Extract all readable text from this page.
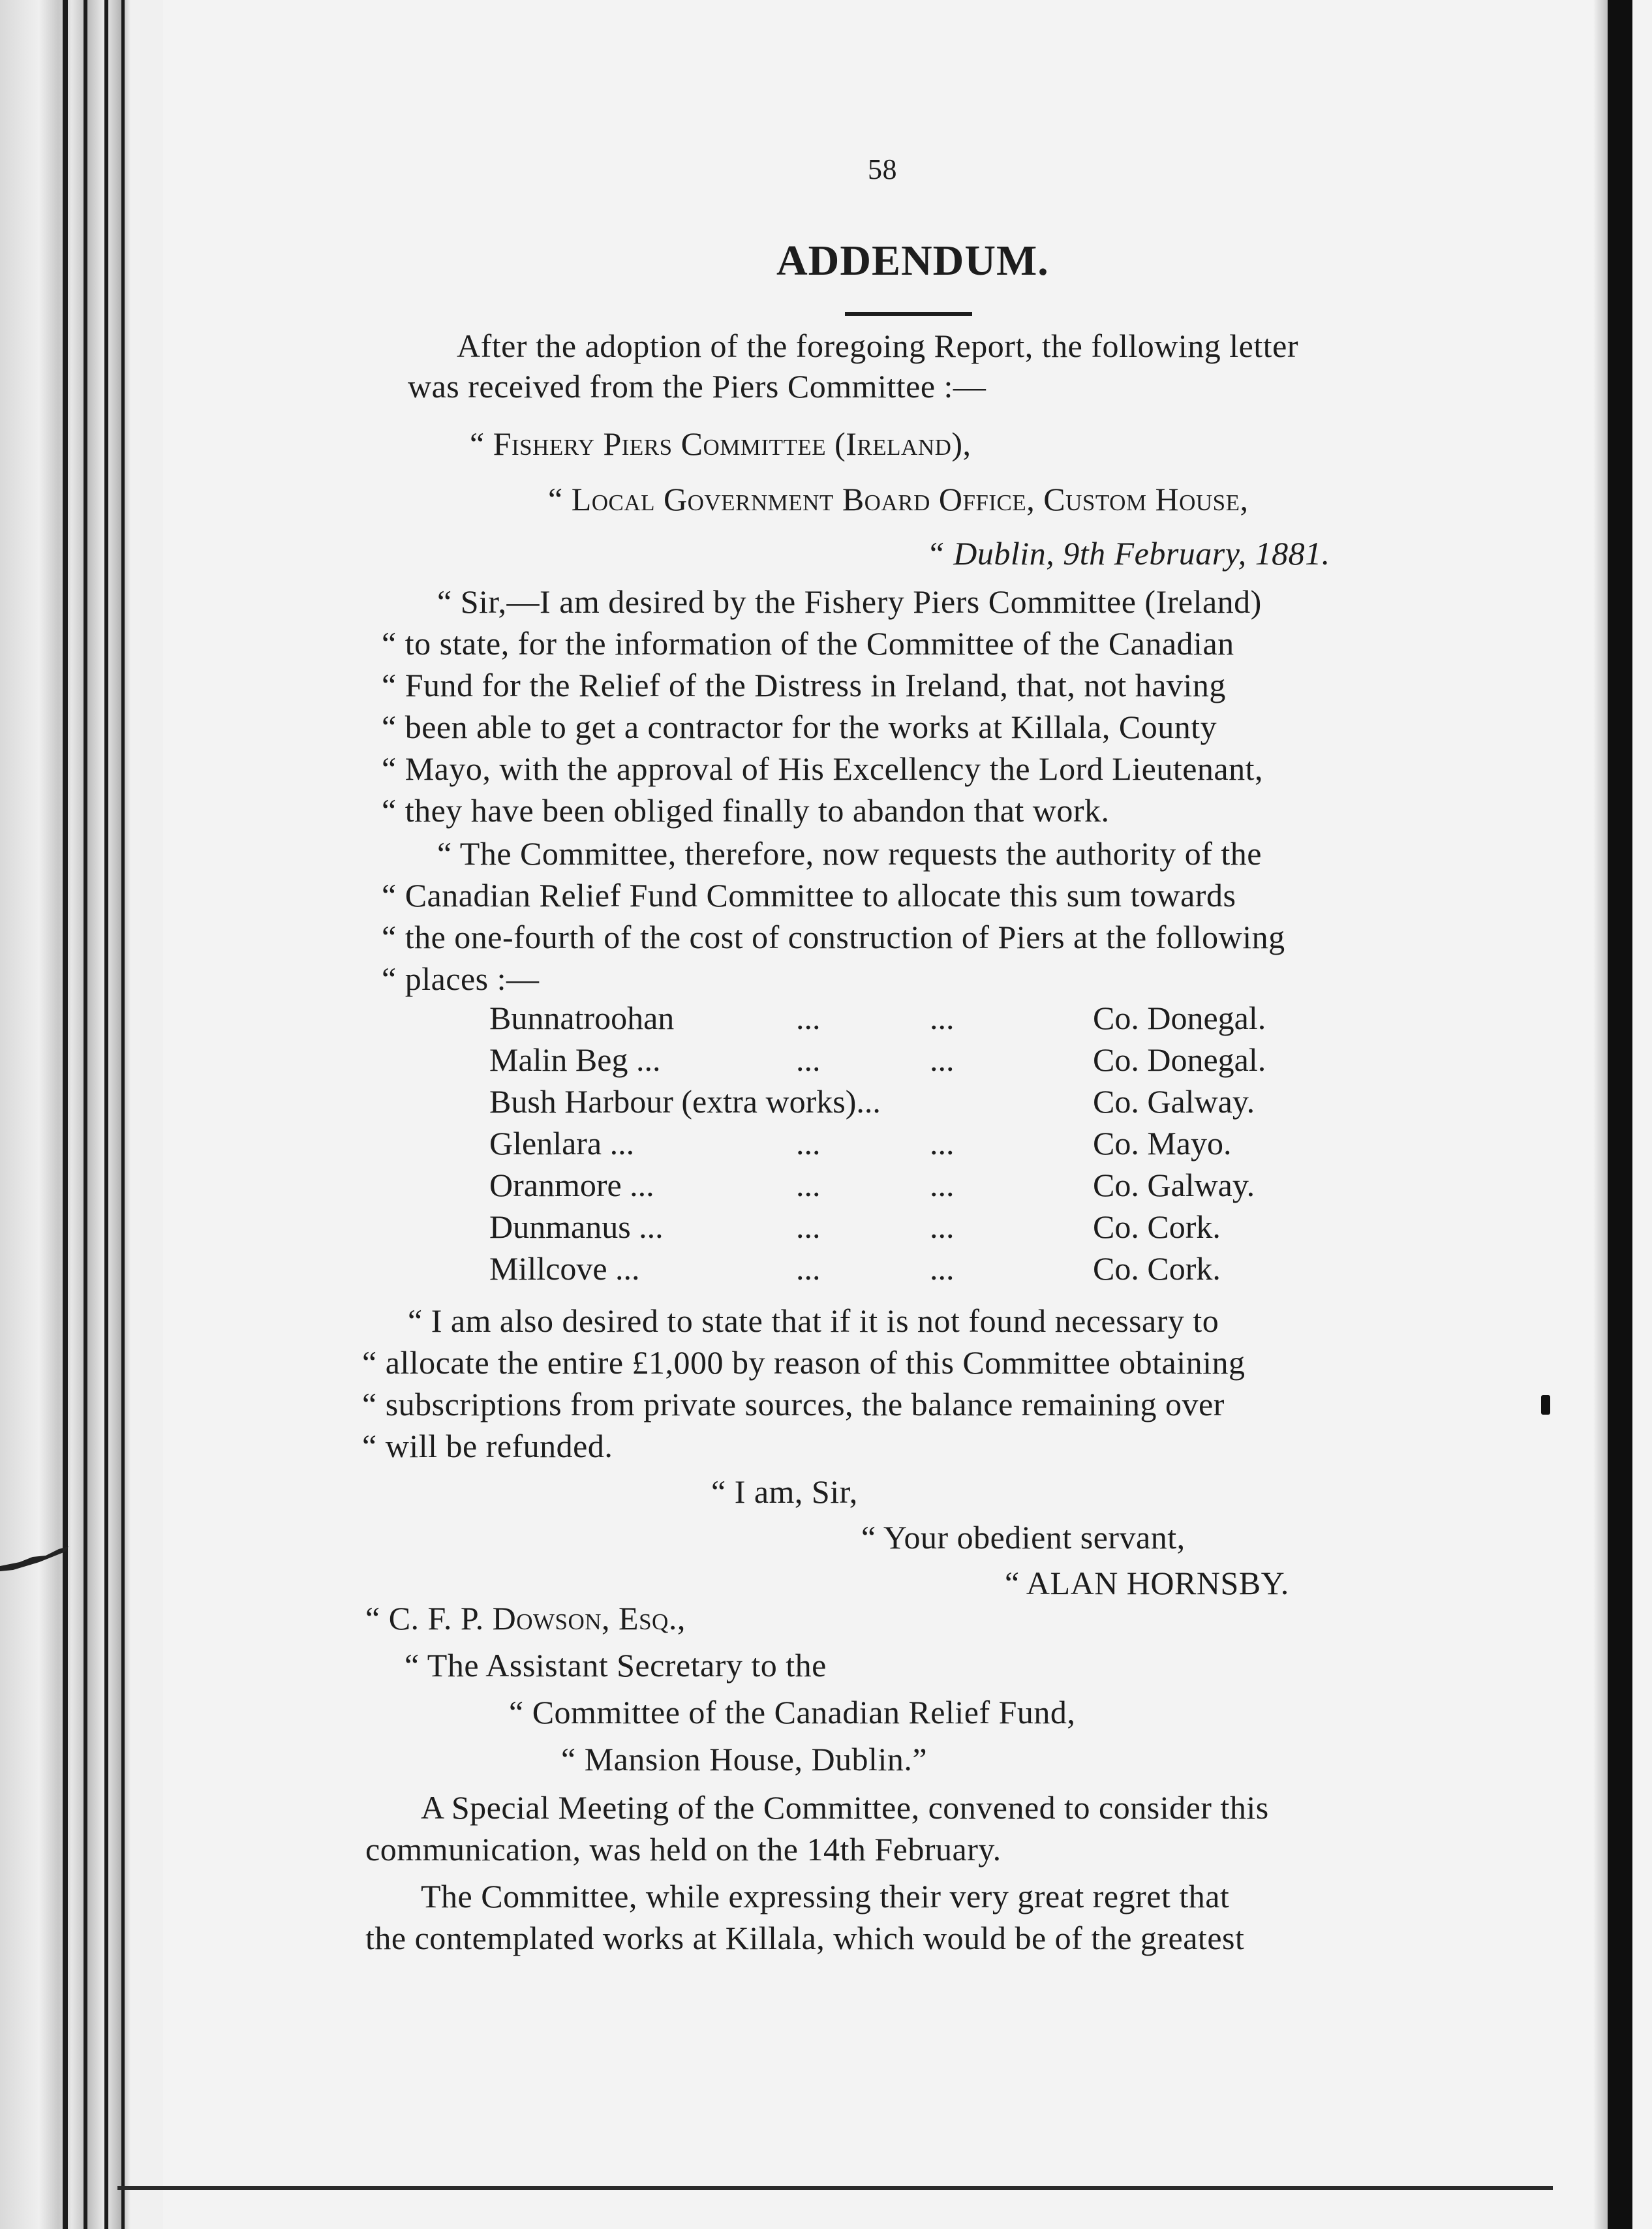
58
ADDENDUM.
After the adoption of the foregoing Report, the following letter
was received from the Piers Committee :—
“ Fishery Piers Committee (Ireland),
“ Local Government Board Office, Custom House,
“ Dublin, 9th February, 1881.
“ Sir,—I am desired by the Fishery Piers Committee (Ireland)
“ to state, for the information of the Committee of the Canadian
“ Fund for the Relief of the Distress in Ireland, that, not having
“ been able to get a contractor for the works at Killala, County
“ Mayo, with the approval of His Excellency the Lord Lieutenant,
“ they have been obliged finally to abandon that work.
“ The Committee, therefore, now requests the authority of the
“ Canadian Relief Fund Committee to allocate this sum towards
“ the one-fourth of the cost of construction of Piers at the following
“ places :—
Bunnatroohan	...	...	Co. Donegal.
Malin Beg ...	...	...	Co. Donegal.
Bush Harbour (extra works)...	Co. Galway.
Glenlara ...	...	...	Co. Mayo.
Oranmore ...	...	...	Co. Galway.
Dunmanus ...	...	...	Co. Cork.
Millcove ...	...	...	Co. Cork.
“ I am also desired to state that if it is not found necessary to
“ allocate the entire £1,000 by reason of this Committee obtaining
“ subscriptions from private sources, the balance remaining over
“ will be refunded.
“ I am, Sir,
“ Your obedient servant,
“ ALAN HORNSBY.
“ C. F. P. Dowson, Esq.,
“ The Assistant Secretary to the
“ Committee of the Canadian Relief Fund,
“ Mansion House, Dublin.”
A Special Meeting of the Committee, convened to consider this
communication, was held on the 14th February.
The Committee, while expressing their very great regret that
the contemplated works at Killala, which would be of the greatest
